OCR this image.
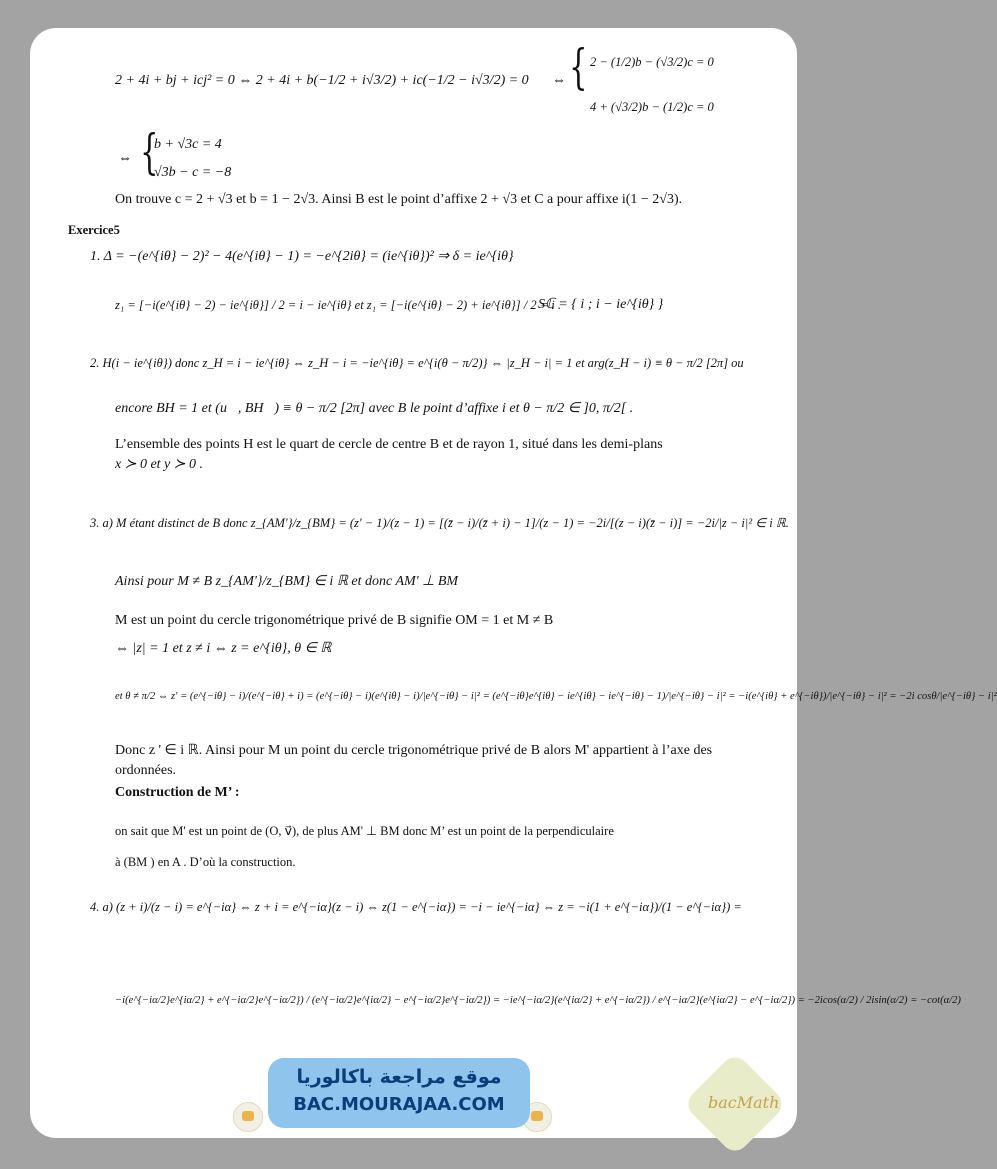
2 + 4i + bj + icj² = 0 ⇔ 2 + 4i + b(−1/2 + i√3/2) + ic(−1/2 − i√3/2) = 0 ⇔ { 2 − (1/2)b − (√3/2)c = 0
4 + (√3/2)b − (1/2)c = 0
⇔ {
b + √3c = 4
√3b − c = −8
On trouve c = 2 + √3 et b = 1 − 2√3. Ainsi B est le point d’affixe 2 + √3 et C a pour affixe i(1 − 2√3).
Exercice5
1. Δ = −(e^{iθ} − 2)² − 4(e^{iθ} − 1) = −e^{2iθ} = (ie^{iθ})² ⇒ δ = ie^{iθ}
z₁ = [−i(e^{iθ} − 2) − ie^{iθ}] / 2 = i − ie^{iθ} et z₁ = [−i(e^{iθ} − 2) + ie^{iθ}] / 2 = i .
Sℂ = { i ; i − ie^{iθ} }
2. H(i − ie^{iθ}) donc z_H = i − ie^{iθ} ⇔ z_H − i = −ie^{iθ} = e^{i(θ − π/2)} ⇔ |z_H − i| = 1 et arg(z_H − i) ≡ θ − π/2 [2π] ou
encore BH = 1 et (u⃗, BH⃗) ≡ θ − π/2 [2π] avec B le point d’affixe i et θ − π/2 ∈ ]0, π/2[ .
L’ensemble des points H est le quart de cercle de centre B et de rayon 1, situé dans les demi-plans
x ≻ 0 et y ≻ 0 .
3. a) M étant distinct de B donc z_{AM'}/z_{BM} = (z' − 1)/(z − 1) = [(z̄ − i)/(z̄ + i) − 1]/(z − 1) = −2i/[(z − i)(z̄ − i)] = −2i/|z − i|² ∈ i ℝ.
Ainsi pour M ≠ B z_{AM'}/z_{BM} ∈ i ℝ et donc AM' ⊥ BM
M est un point du cercle trigonométrique privé de B signifie OM = 1 et M ≠ B
⇔ |z| = 1 et z ≠ i ⇔ z = e^{iθ}, θ ∈ ℝ
et θ ≠ π/2 ⇔ z' = (e^{−iθ} − i)/(e^{−iθ} + i) = (e^{−iθ} − i)(e^{iθ} − i)/|e^{−iθ} − i|² = (e^{−iθ}e^{iθ} − ie^{iθ} − ie^{−iθ} − 1)/|e^{−iθ} − i|² = −i(e^{iθ} + e^{−iθ})/|e^{−iθ} − i|² = −2i cosθ/|e^{−iθ} − i|²
Donc z ' ∈ i ℝ. Ainsi pour M un point du cercle trigonométrique privé de B alors M' appartient à l’axe des
ordonnées.
Construction de M’ :
on sait que M' est un point de (O, v⃗), de plus AM' ⊥ BM donc M’ est un point de la perpendiculaire
à (BM ) en A . D’où la construction.
4. a) (z + i)/(z − i) = e^{−iα} ⇔ z + i = e^{−iα}(z − i) ⇔ z(1 − e^{−iα}) = −i − ie^{−iα} ⇔ z = −i(1 + e^{−iα})/(1 − e^{−iα}) =
−i(e^{−iα/2}e^{iα/2} + e^{−iα/2}e^{−iα/2}) / (e^{−iα/2}e^{iα/2} − e^{−iα/2}e^{−iα/2}) = −ie^{−iα/2}(e^{iα/2} + e^{−iα/2}) / e^{−iα/2}(e^{iα/2} − e^{−iα/2}) = −2icos(α/2) / 2isin(α/2) = −cot(α/2)
موقع مراجعة باكالوريا
BAC.MOURAJAA.COM	bacMath
